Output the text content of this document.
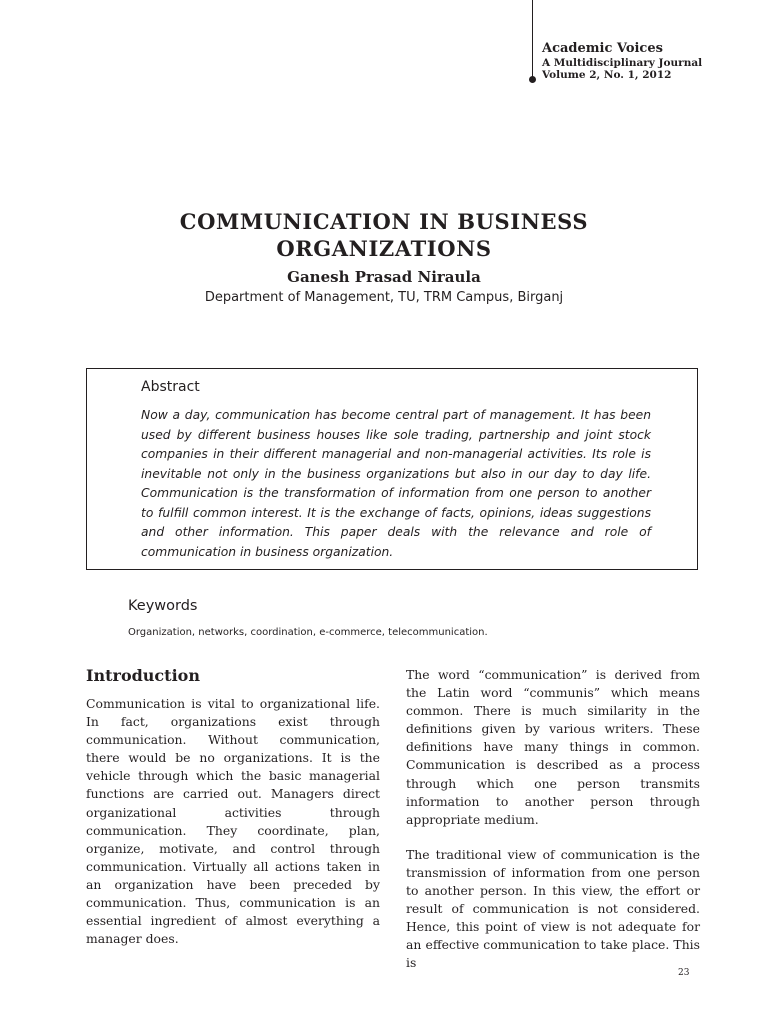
Academic Voices
A Multidisciplinary Journal
Volume 2, No. 1, 2012
COMMUNICATION IN BUSINESS ORGANIZATIONS
Ganesh Prasad Niraula
Department of Management, TU, TRM Campus, Birganj
Abstract
Now a day, communication has become central part of management. It has been used by different business houses like sole trading, partnership and joint stock companies in their different managerial and non-managerial activities. Its role is inevitable not only in the business organizations but also in our day to day life. Communication is the transformation of information from one person to another to fulfill common interest. It is the exchange of facts, opinions, ideas suggestions and other information. This paper deals with the relevance and role of communication in business organization.
Keywords
Organization, networks, coordination, e-commerce, telecommunication.
Introduction

Communication is vital to organizational life. In fact, organizations exist through communication. Without communication, there would be no organizations. It is the vehicle through which the basic managerial functions are carried out. Managers direct organizational activities through communication. They coordinate, plan, organize, motivate, and control through communication. Virtually all actions taken in an organization have been preceded by communication. Thus, communication is an essential ingredient of almost everything a manager does.

The word “communication” is derived from the Latin word “communis” which means common. There is much similarity in the definitions given by various writers. These definitions have many things in common. Communication is described as a process through which one person transmits information to another person through appropriate medium.

The traditional view of communication is the transmission of information from one person to another person. In this view, the effort or result of communication is not considered. Hence, this point of view is not adequate for an effective communication to take place. This is

23
